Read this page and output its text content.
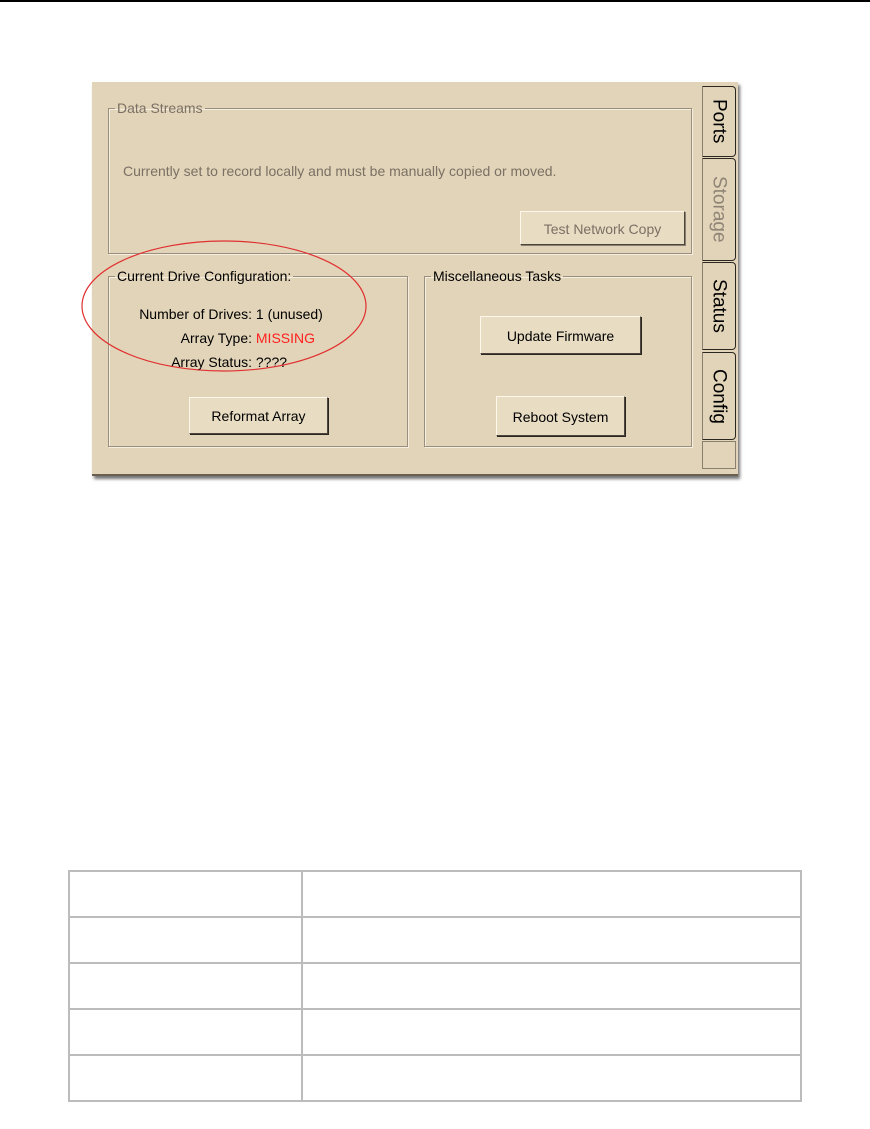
Data Streams
Currently set to record locally and must be manually copied or moved.
Test Network Copy
Current Drive Configuration:
Number of Drives: 1 (unused)
Array Type: MISSING
Array Status: ????
Reformat Array
Miscellaneous Tasks
Update Firmware
Reboot System
Ports
Storage
Status
Config
